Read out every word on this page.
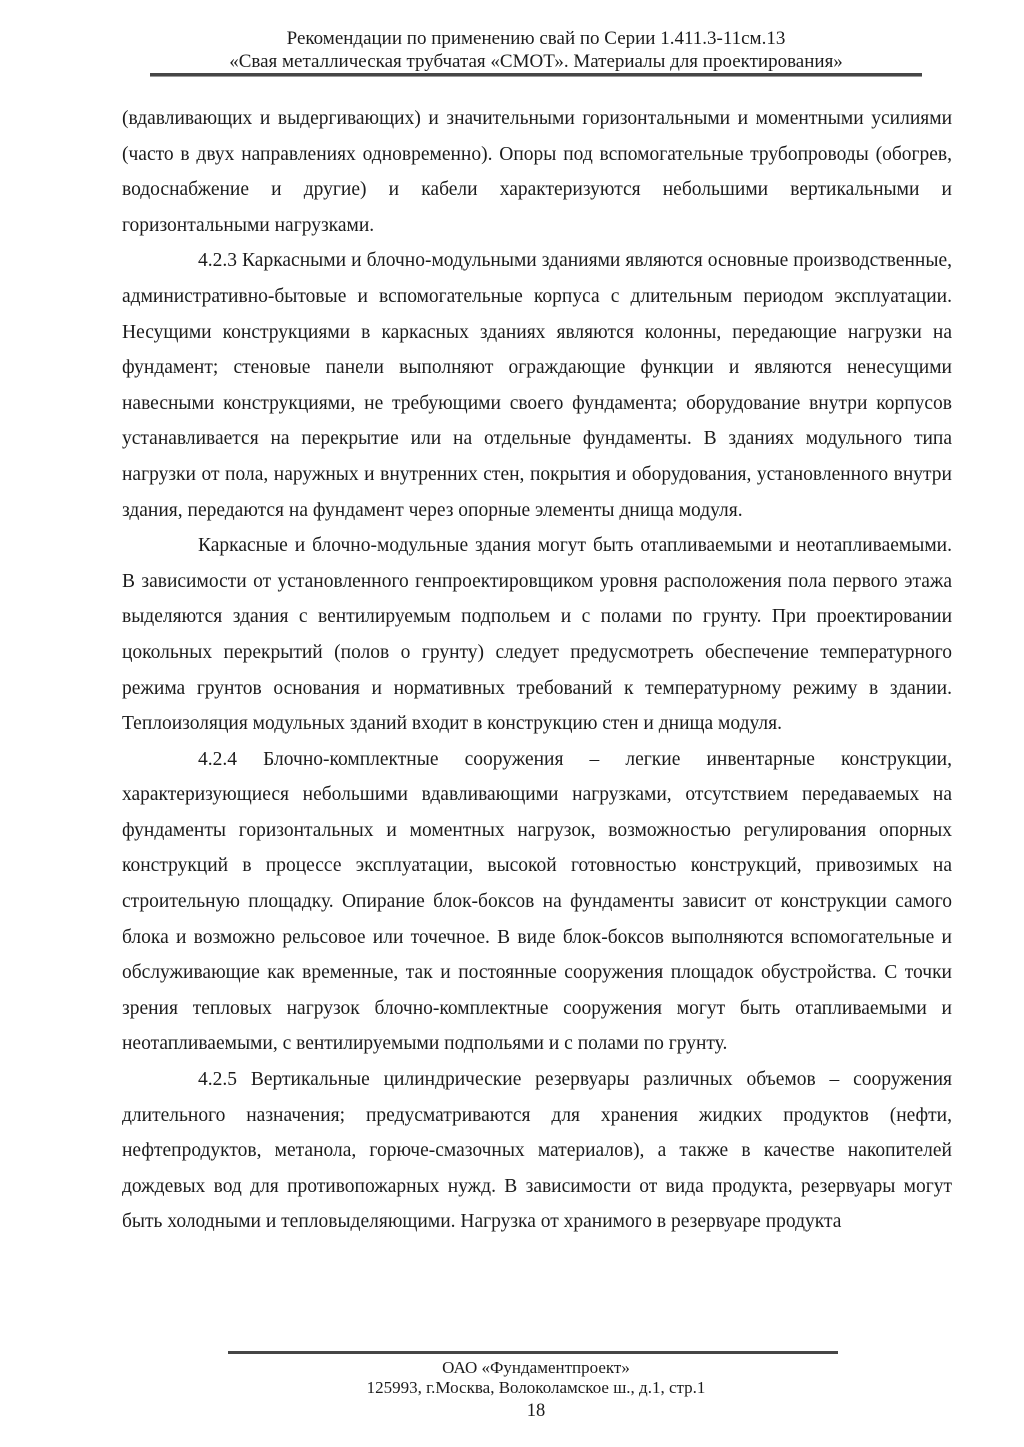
Рекомендации по применению свай по Серии 1.411.3-11см.13
«Свая металлическая трубчатая «СМОТ». Материалы для проектирования»

(вдавливающих и выдергивающих) и значительными горизонтальными и моментными усилиями (часто в двух направлениях одновременно). Опоры под вспомогательные трубопроводы (обогрев, водоснабжение и другие) и кабели характеризуются небольшими вертикальными и горизонтальными нагрузками.

4.2.3 Каркасными и блочно-модульными зданиями являются основные производственные, административно-бытовые и вспомогательные корпуса с длительным периодом эксплуатации. Несущими конструкциями в каркасных зданиях являются колонны, передающие нагрузки на фундамент; стеновые панели выполняют ограждающие функции и являются ненесущими навесными конструкциями, не требующими своего фундамента; оборудование внутри корпусов устанавливается на перекрытие или на отдельные фундаменты. В зданиях модульного типа нагрузки от пола, наружных и внутренних стен, покрытия и оборудования, установленного внутри здания, передаются на фундамент через опорные элементы днища модуля.

Каркасные и блочно-модульные здания могут быть отапливаемыми и неотапливаемыми. В зависимости от установленного генпроектировщиком уровня расположения пола первого этажа выделяются здания с вентилируемым подпольем и с полами по грунту. При проектировании цокольных перекрытий (полов о грунту) следует предусмотреть обеспечение температурного режима грунтов основания и нормативных требований к температурному режиму в здании. Теплоизоляция модульных зданий входит в конструкцию стен и днища модуля.

4.2.4 Блочно-комплектные сооружения – легкие инвентарные конструкции, характеризующиеся небольшими вдавливающими нагрузками, отсутствием передаваемых на фундаменты горизонтальных и моментных нагрузок, возможностью регулирования опорных конструкций в процессе эксплуатации, высокой готовностью конструкций, привозимых на строительную площадку. Опирание блок-боксов на фундаменты зависит от конструкции самого блока и возможно рельсовое или точечное. В виде блок-боксов выполняются вспомогательные и обслуживающие как временные, так и постоянные сооружения площадок обустройства. С точки зрения тепловых нагрузок блочно-комплектные сооружения могут быть отапливаемыми и неотапливаемыми, с вентилируемыми подпольями и с полами по грунту.

4.2.5 Вертикальные цилиндрические резервуары различных объемов – сооружения длительного назначения; предусматриваются для хранения жидких продуктов (нефти, нефтепродуктов, метанола, горюче-смазочных материалов), а также в качестве накопителей дождевых вод для противопожарных нужд. В зависимости от вида продукта, резервуары могут быть холодными и тепловыделяющими. Нагрузка от хранимого в резервуаре продукта

ОАО «Фундаментпроект»
125993, г.Москва, Волоколамское ш., д.1, стр.1
18
